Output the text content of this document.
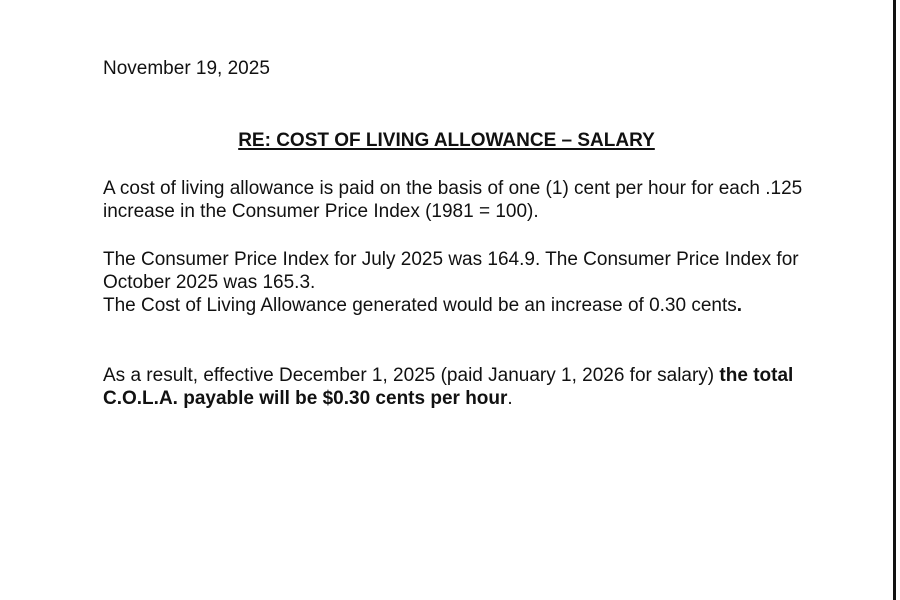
November 19, 2025

RE: COST OF LIVING ALLOWANCE – SALARY

A cost of living allowance is paid on the basis of one (1) cent per hour for each .125 increase in the Consumer Price Index (1981 = 100).

The Consumer Price Index for July 2025 was 164.9. The Consumer Price Index for October 2025 was 165.3.
The Cost of Living Allowance generated would be an increase of 0.30 cents.

As a result, effective December 1, 2025 (paid January 1, 2026 for salary) the total C.O.L.A. payable will be $0.30 cents per hour.
